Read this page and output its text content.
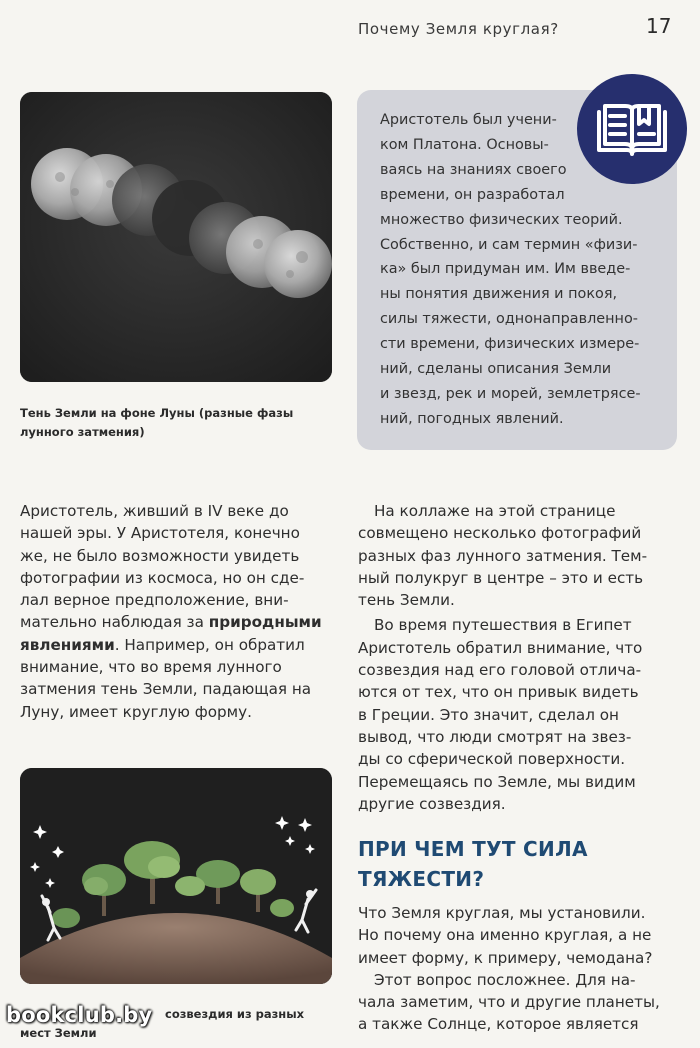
Почему Земля круглая?	17
Тень Земли на фоне Луны (разные фазы
лунного затмения)
Аристотель был учени-
ком Платона. Основы-
ваясь на знаниях своего
времени, он разработал
множество физических теорий.
Собственно, и сам термин «физи-
ка» был придуман им. Им введе-
ны понятия движения и покоя,
силы тяжести, однонаправленно-
сти времени, физических измере-
ний, сделаны описания Земли
и звезд, рек и морей, землетрясе-
ний, погодных явлений.
Аристотель, живший в IV веке до
нашей эры. У Аристотеля, конечно
же, не было возможности увидеть
фотографии из космоса, но он сде-
лал верное предположение, вни-
мательно наблюдая за природными
явлениями. Например, он обратил
внимание, что во время лунного
затмения тень Земли, падающая на
Луну, имеет круглую форму.
На коллаже на этой странице
совмещено несколько фотографий
разных фаз лунного затмения. Тем-
ный полукруг в центре – это и есть
тень Земли.
Во время путешествия в Египет
Аристотель обратил внимание, что
созвездия над его головой отлича-
ются от тех, что он привык видеть
в Греции. Это значит, сделал он
вывод, что люди смотрят на звез-
ды со сферической поверхности.
Перемещаясь по Земле, мы видим
другие созвездия.
ПРИ ЧЕМ ТУТ СИЛА
ТЯЖЕСТИ?
Что Земля круглая, мы установили.
Но почему она именно круглая, а не
имеет форму, к примеру, чемодана?
Этот вопрос посложнее. Для на-
чала заметим, что и другие планеты,
а также Солнце, которое является
созвездия из разных
мест Земли
bookclub.by
